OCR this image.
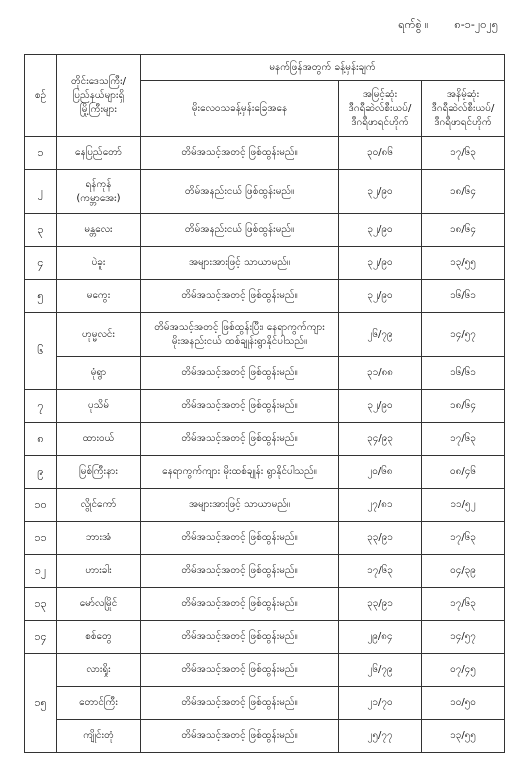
ရက်စွဲ ။ ၈-၁-၂၀၂၅
စဉ်	တိုင်းဒေသကြီး/
ပြည်နယ်များရှိ
မြို့ကြီးများ	မနက်ဖြန်အတွက် ခန့်မှန်းချက်		
		မိုးလေဝသခန့်မှန်းခြေအနေ	အမြင့်ဆုံး
ဒီဂရီဆဲလ်စီးယပ်/
ဒီဂရီဖာရင်ဟိုက်	အနိမ့်ဆုံး
ဒီဂရီဆဲလ်စီးယပ်/
ဒီဂရီဖာရင်ဟိုက်

၁	နေပြည်တော်	တိမ်အသင့်အတင့် ဖြစ်ထွန်းမည်။	၃၀/၈၆	၁၇/၆၃
၂	ရန်ကုန်
(ကမ္ဘာအေး)	တိမ်အနည်းငယ် ဖြစ်ထွန်းမည်။	၃၂/၉၀	၁၈/၆၄
၃	မန္တလေး	တိမ်အနည်းငယ် ဖြစ်ထွန်းမည်။	၃၂/၉၀	၁၈/၆၄
၄	ပဲခူး	အများအားဖြင့် သာယာမည်။	၃၂/၉၀	၁၃/၅၅
၅	မကွေး	တိမ်အသင့်အတင့် ဖြစ်ထွန်းမည်။	၃၂/၉၀	၁၆/၆၁
၆	ဟုမ္မလင်း	တိမ်အသင့်အတင့် ဖြစ်ထွန်းပြီး၊ နေရာကွက်ကျား
မိုးအနည်းငယ် ထစ်ချုန်းရွာနိုင်ပါသည်။	၂၆/၇၉	၁၄/၅၇

	မုံရွာ	တိမ်အသင့်အတင့် ဖြစ်ထွန်းမည်။	၃၁/၈၈	၁၆/၆၁
၇	ပုသိမ်	တိမ်အသင့်အတင့် ဖြစ်ထွန်းမည်။	၃၂/၉၀	၁၈/၆၄
၈	ထားဝယ်	တိမ်အသင့်အတင့် ဖြစ်ထွန်းမည်။	၃၄/၉၃	၁၇/၆၃
၉	မြစ်ကြီးနား	နေရာကွက်ကျား မိုးထစ်ချုန်း ရွာနိုင်ပါသည်။	၂၀/၆၈	၀၈/၄၆
၁၀	လွိုင်ကော်	အများအားဖြင့် သာယာမည်။	၂၇/၈၁	၁၁/၅၂
၁၁	ဘားအံ	တိမ်အသင့်အတင့် ဖြစ်ထွန်းမည်။	၃၃/၉၁	၁၇/၆၃
၁၂	ဟားခါး	တိမ်အသင့်အတင့် ဖြစ်ထွန်းမည်။	၁၇/၆၃	၀၄/၃၉
၁၃	မော်လမြိုင်	တိမ်အသင့်အတင့် ဖြစ်ထွန်းမည်။	၃၃/၉၁	၁၇/၆၃
၁၄	စစ်တွေ	တိမ်အသင့်အတင့် ဖြစ်ထွန်းမည်။	၂၉/၈၄	၁၄/၅၇
၁၅	လားရှိုး	တိမ်အသင့်အတင့် ဖြစ်ထွန်းမည်။	၂၆/၇၉	၀၇/၄၅

	တောင်ကြီး	တိမ်အသင့်အတင့် ဖြစ်ထွန်းမည်။	၂၁/၇၀	၁၀/၅၀

	ကျိုင်းတုံ	တိမ်အသင့်အတင့် ဖြစ်ထွန်းမည်။	၂၅/၇၇	၁၃/၅၅
